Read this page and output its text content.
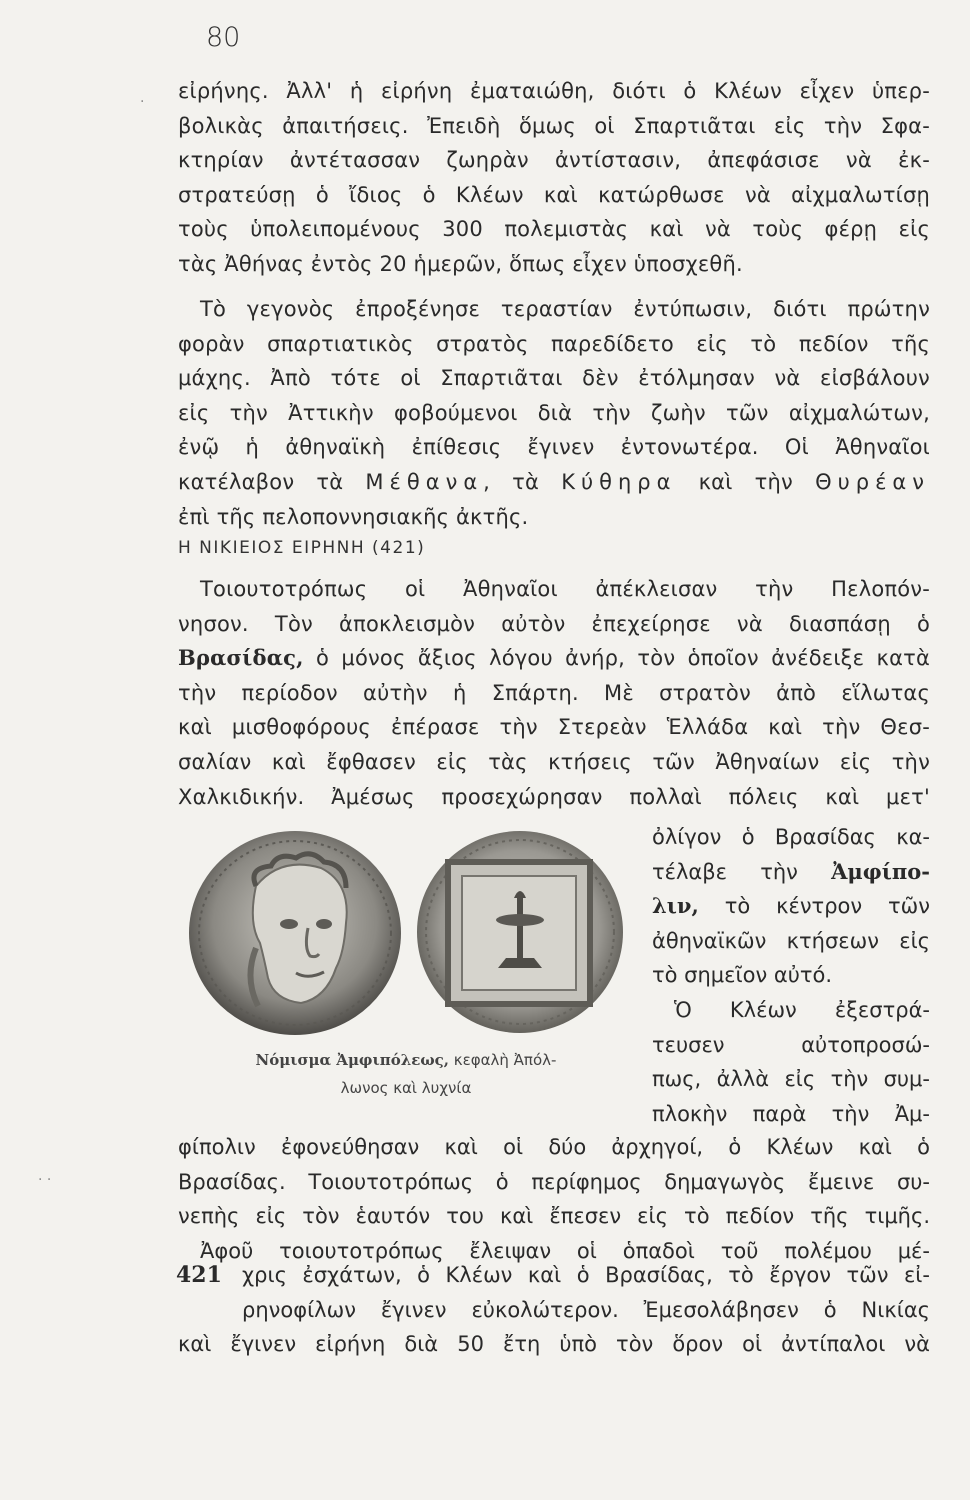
80
εἰρήνης. Ἀλλ' ἡ εἰρήνη ἐματαιώθη, διότι ὁ Κλέων εἶχεν ὑπερ-
βολικὰς ἀπαιτήσεις. Ἐπειδὴ ὅμως οἱ Σπαρτιᾶται εἰς τὴν Σφα-
κτηρίαν ἀντέτασσαν ζωηρὰν ἀντίστασιν, ἀπεφάσισε νὰ ἐκ-
στρατεύσῃ ὁ ἴδιος ὁ Κλέων καὶ κατώρθωσε νὰ αἰχμαλωτίσῃ
τοὺς ὑπολειπομένους 300 πολεμιστὰς καὶ νὰ τοὺς φέρῃ εἰς
τὰς Ἀθήνας ἐντὸς 20 ἡμερῶν, ὅπως εἶχεν ὑποσχεθῆ.
Τὸ γεγονὸς ἐπροξένησε τεραστίαν ἐντύπωσιν, διότι πρώτην
φορὰν σπαρτιατικὸς στρατὸς παρεδίδετο εἰς τὸ πεδίον τῆς
μάχης. Ἀπὸ τότε οἱ Σπαρτιᾶται δὲν ἐτόλμησαν νὰ εἰσβάλουν
εἰς τὴν Ἀττικὴν φοβούμενοι διὰ τὴν ζωὴν τῶν αἰχμαλώτων,
ἐνῷ ἡ ἀθηναϊκὴ ἐπίθεσις ἔγινεν ἐντονωτέρα. Οἱ Ἀθηναῖοι
κατέλαβον τὰ Μέθανα, τὰ Κύθηρα καὶ τὴν Θυρέαν
ἐπὶ τῆς πελοποννησιακῆς ἀκτῆς.
Η ΝΙΚΙΕΙΟΣ ΕΙΡΗΝΗ (421)
Τοιουτοτρόπως οἱ Ἀθηναῖοι ἀπέκλεισαν τὴν Πελοπόν-
νησον. Τὸν ἀποκλεισμὸν αὐτὸν ἐπεχείρησε νὰ διασπάσῃ ὁ
Βρασίδας, ὁ μόνος ἄξιος λόγου ἀνήρ, τὸν ὁποῖον ἀνέδειξε κατὰ
τὴν περίοδον αὐτὴν ἡ Σπάρτη. Μὲ στρατὸν ἀπὸ εἵλωτας
καὶ μισθοφόρους ἐπέρασε τὴν Στερεὰν Ἑλλάδα καὶ τὴν Θεσ-
σαλίαν καὶ ἔφθασεν εἰς τὰς κτήσεις τῶν Ἀθηναίων εἰς τὴν
Χαλκιδικήν. Ἀμέσως προσεχώρησαν πολλαὶ πόλεις καὶ μετ'
ὀλίγον ὁ Βρασίδας κα-
τέλαβε τὴν Ἀμφίπο-
λιν, τὸ κέντρον τῶν
ἀθηναϊκῶν κτήσεων εἰς
τὸ σημεῖον αὐτό.
Ὁ Κλέων ἐξεστρά-
τευσεν αὐτοπροσώ-
πως, ἀλλὰ εἰς τὴν συμ-
πλοκὴν παρὰ τὴν Ἀμ-
Νόμισμα Ἀμφιπόλεως, κεφαλὴ Ἀπόλ-
λωνος καὶ λυχνία
φίπολιν ἐφονεύθησαν καὶ οἱ δύο ἀρχηγοί, ὁ Κλέων καὶ ὁ
Βρασίδας. Τοιουτοτρόπως ὁ περίφημος δημαγωγὸς ἔμεινε συ-
νεπὴς εἰς τὸν ἑαυτόν του καὶ ἔπεσεν εἰς τὸ πεδίον τῆς τιμῆς.
Ἀφοῦ τοιουτοτρόπως ἔλειψαν οἱ ὁπαδοὶ τοῦ πολέμου μέ-
421 χρις ἐσχάτων, ὁ Κλέων καὶ ὁ Βρασίδας, τὸ ἔργον τῶν εἰ-
ρηνοφίλων ἔγινεν εὐκολώτερον. Ἐμεσολάβησεν ὁ Νικίας
καὶ ἔγινεν εἰρήνη διὰ 50 ἔτη ὑπὸ τὸν ὅρον οἱ ἀντίπαλοι νὰ
·
· ·
